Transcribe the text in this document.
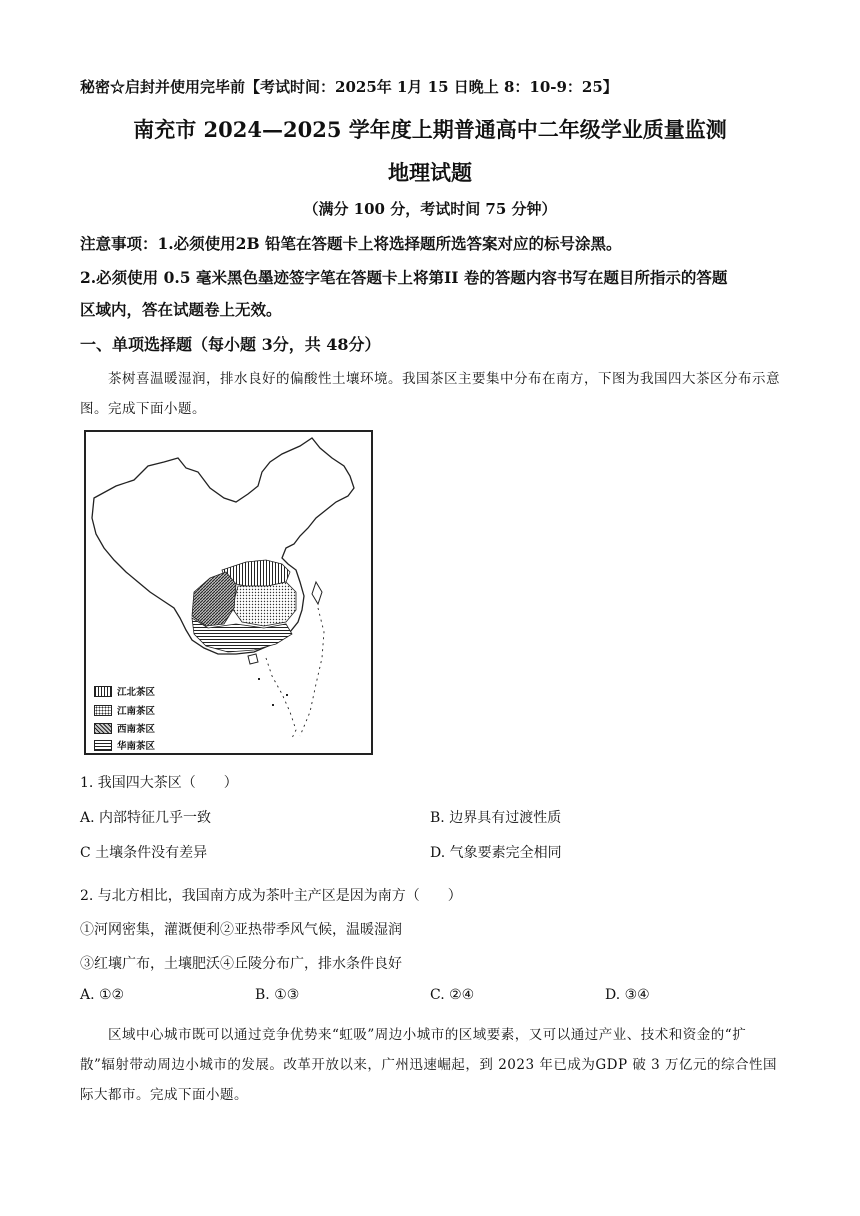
秘密☆启封并使用完毕前【考试时间：2025年 1月 15 日晚上 8：10-9：25】
南充市 2024—2025 学年度上期普通高中二年级学业质量监测
地理试题
（满分 100 分，考试时间 75 分钟）
注意事项：1.必须使用2B 铅笔在答题卡上将选择题所选答案对应的标号涂黑。
2.必须使用 0.5 毫米黑色墨迹签字笔在答题卡上将第II 卷的答题内容书写在题目所指示的答题
区域内，答在试题卷上无效。
一、单项选择题（每小题 3分，共 48分）
茶树喜温暖湿润，排水良好的偏酸性土壤环境。我国茶区主要集中分布在南方，下图为我国四大茶区分布示意图。完成下面小题。
江北茶区
江南茶区
西南茶区
华南茶区
1. 我国四大茶区（　　）
A. 内部特征几乎一致	B. 边界具有过渡性质
C 土壤条件没有差异	D. 气象要素完全相同
2. 与北方相比，我国南方成为茶叶主产区是因为南方（　　）
①河网密集，灌溉便利②亚热带季风气候，温暖湿润
③红壤广布，土壤肥沃④丘陵分布广，排水条件良好
A. ①②	B. ①③	C. ②④	D. ③④
区域中心城市既可以通过竞争优势来“虹吸”周边小城市的区域要素，又可以通过产业、技术和资金的“扩散”辐射带动周边小城市的发展。改革开放以来，广州迅速崛起，到 2023 年已成为GDP 破 3 万亿元的综合性国际大都市。完成下面小题。
